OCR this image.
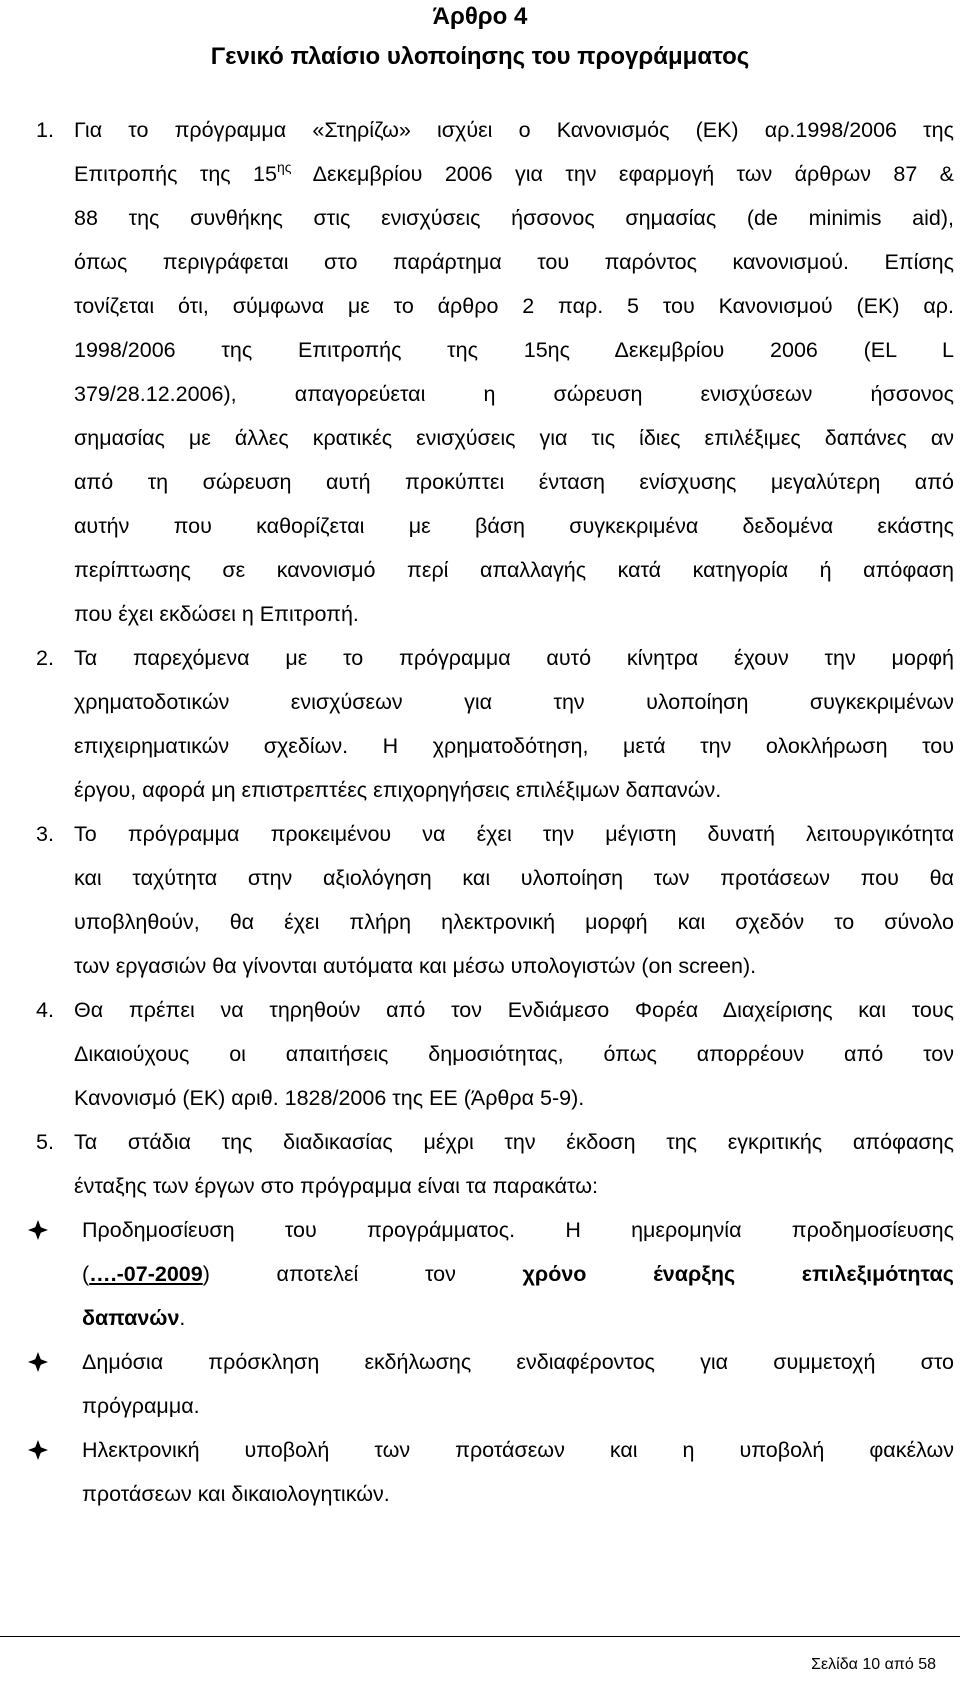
Άρθρο 4
Γενικό πλαίσιο υλοποίησης του προγράμματος
1. Για το πρόγραμμα «Στηρίζω» ισχύει ο Κανονισμός (ΕΚ) αρ.1998/2006 της
Επιτροπής της $15^{\eta\varsigma}$ Δεκεμβρίου 2006 για την εφαρμογή των άρθρων 87 &
88 της συνθήκης στις ενισχύσεις ήσσονος σημασίας (de minimis aid),
όπως περιγράφεται στο παράρτημα του παρόντος κανονισμού. Επίσης
τονίζεται ότι, σύμφωνα με το άρθρο 2 παρ. 5 του Κανονισμού (ΕΚ) αρ.
1998/2006 της Επιτροπής της 15ης Δεκεμβρίου 2006 (EL L
379/28.12.2006), απαγορεύεται η σώρευση ενισχύσεων ήσσονος
σημασίας με άλλες κρατικές ενισχύσεις για τις ίδιες επιλέξιμες δαπάνες αν
από τη σώρευση αυτή προκύπτει ένταση ενίσχυσης μεγαλύτερη από
αυτήν που καθορίζεται με βάση συγκεκριμένα δεδομένα εκάστης
περίπτωσης σε κανονισμό περί απαλλαγής κατά κατηγορία ή απόφαση
που έχει εκδώσει η Επιτροπή.
2. Τα παρεχόμενα με το πρόγραμμα αυτό κίνητρα έχουν την μορφή
χρηματοδοτικών ενισχύσεων για την υλοποίηση συγκεκριμένων
επιχειρηματικών σχεδίων. Η χρηματοδότηση, μετά την ολοκλήρωση του
έργου, αφορά μη επιστρεπτέες επιχορηγήσεις επιλέξιμων δαπανών.
3. Το πρόγραμμα προκειμένου να έχει την μέγιστη δυνατή λειτουργικότητα
και ταχύτητα στην αξιολόγηση και υλοποίηση των προτάσεων που θα
υποβληθούν, θα έχει πλήρη ηλεκτρονική μορφή και σχεδόν το σύνολο
των εργασιών θα γίνονται αυτόματα και μέσω υπολογιστών (on screen).
4. Θα πρέπει να τηρηθούν από τον Ενδιάμεσο Φορέα Διαχείρισης και τους
Δικαιούχους οι απαιτήσεις δημοσιότητας, όπως απορρέουν από τον
Κανονισμό (ΕΚ) αριθ. 1828/2006 της ΕΕ (Άρθρα 5-9).
5. Τα στάδια της διαδικασίας μέχρι την έκδοση της εγκριτικής απόφασης
ένταξης των έργων στο πρόγραμμα είναι τα παρακάτω:
Προδημοσίευση του προγράμματος. Η ημερομηνία προδημοσίευσης
(….-07-2009)	αποτελεί	τον	χρόνο	έναρξης	επιλεξιμότητας
δαπανών.
Δημόσια πρόσκληση εκδήλωσης ενδιαφέροντος για συμμετοχή στο
πρόγραμμα.
Ηλεκτρονική υποβολή των προτάσεων και η υποβολή φακέλων
προτάσεων και δικαιολογητικών.
Σελίδα 10 από 58
